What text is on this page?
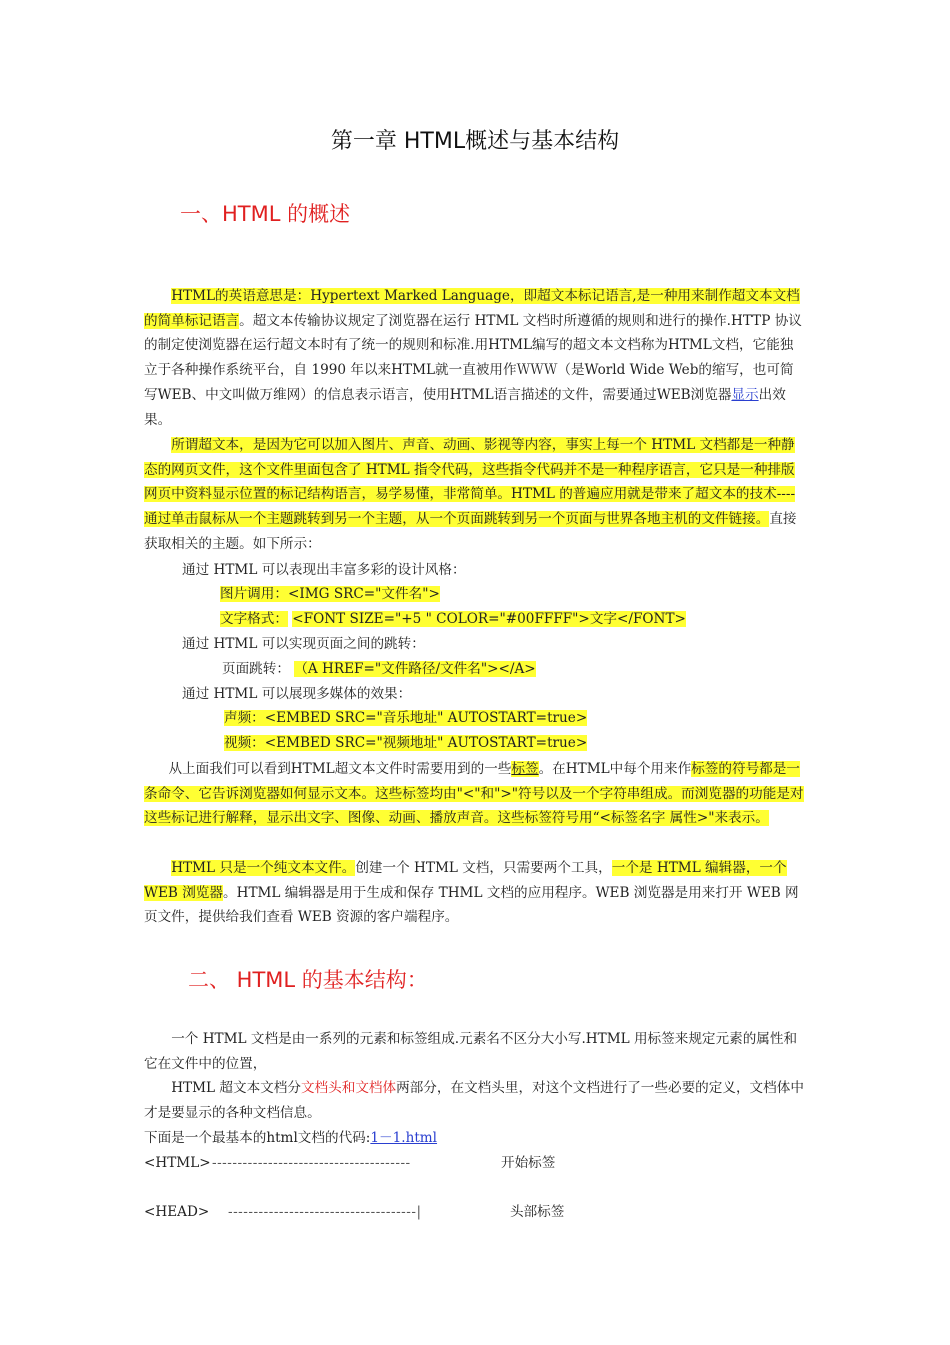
第一章 HTML概述与基本结构
一、HTML 的概述
HTML的英语意思是：Hypertext Marked Language，即超文本标记语言,是一种用来制作超文本文档的简单标记语言。超文本传输协议规定了浏览器在运行 HTML 文档时所遵循的规则和进行的操作.HTTP 协议的制定使浏览器在运行超文本时有了统一的规则和标准.用HTML编写的超文本文档称为HTML文档，它能独立于各种操作系统平台，自 1990 年以来HTML就一直被用作ＷＷＷ（是World Wide Web的缩写，也可简写WEB、中文叫做万维网）的信息表示语言，使用HTML语言描述的文件，需要通过WEB浏览器显示出效果。
所谓超文本，是因为它可以加入图片、声音、动画、影视等内容，事实上每一个 HTML 文档都是一种静态的网页文件，这个文件里面包含了 HTML 指令代码，这些指令代码并不是一种程序语言，它只是一种排版网页中资料显示位置的标记结构语言，易学易懂，非常简单。HTML 的普遍应用就是带来了超文本的技术----通过单击鼠标从一个主题跳转到另一个主题，从一个页面跳转到另一个页面与世界各地主机的文件链接。直接获取相关的主题。如下所示：
通过 HTML 可以表现出丰富多彩的设计风格：
图片调用：<IMG SRC="文件名">
文字格式： <FONT SIZE="+5 " COLOR="#00FFFF">文字</FONT>
通过 HTML 可以实现页面之间的跳转：
页面跳转： （A HREF="文件路径/文件名"></A>
通过 HTML 可以展现多媒体的效果：
声频：<EMBED SRC="音乐地址" AUTOSTART=true>
视频：<EMBED SRC="视频地址" AUTOSTART=true>
从上面我们可以看到HTML超文本文件时需要用到的一些标签。在HTML中每个用来作标签的符号都是一条命令、它告诉浏览器如何显示文本。这些标签均由"<"和">"符号以及一个字符串组成。而浏览器的功能是对这些标记进行解释，显示出文字、图像、动画、播放声音。这些标签符号用“<标签名字 属性>"来表示。
HTML 只是一个纯文本文件。创建一个 HTML 文档，只需要两个工具，一个是 HTML 编辑器，一个 WEB 浏览器。HTML 编辑器是用于生成和保存 THML 文档的应用程序。WEB 浏览器是用来打开 WEB 网页文件，提供给我们查看 WEB 资源的客户端程序。
二、 HTML 的基本结构：
一个 HTML 文档是由一系列的元素和标签组成.元素名不区分大小写.HTML 用标签来规定元素的属性和它在文件中的位置，
HTML 超文本文档分文档头和文档体两部分，在文档头里，对这个文档进行了一些必要的定义，文档体中才是要显示的各种文档信息。
下面是一个最基本的html文档的代码:1－1.html
<HTML> ---------------------------------------	开始标签
<HEAD> -------------------------------------|	头部标签
